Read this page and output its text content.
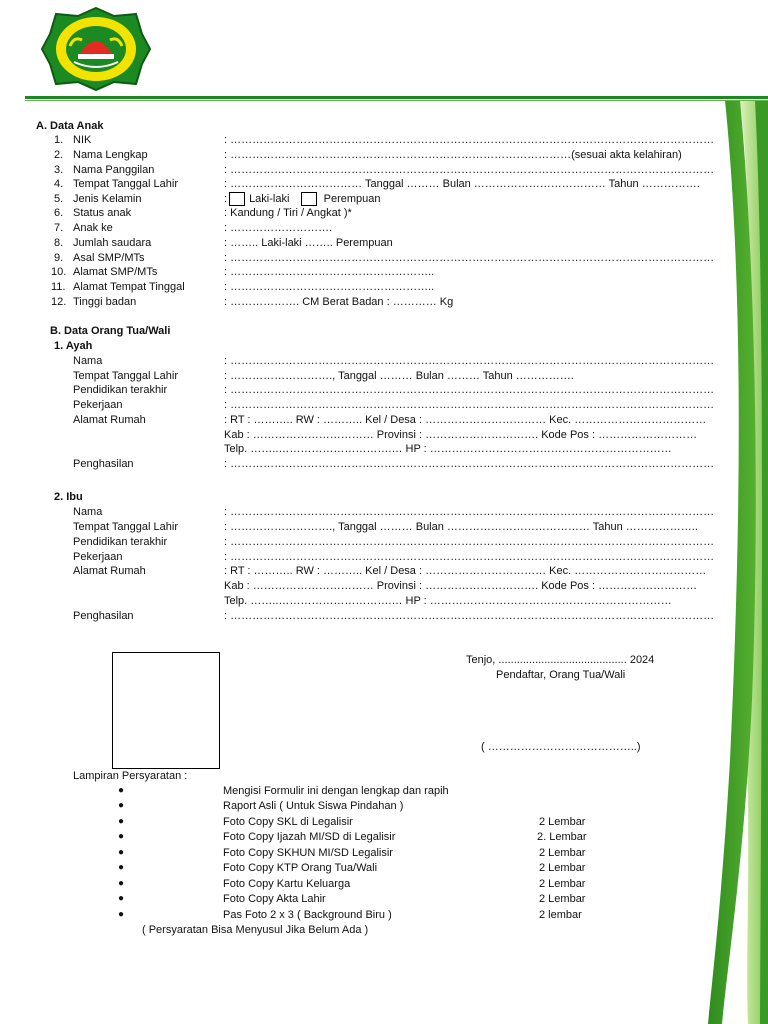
A. Data Anak
1. NIK	: ……………………………………………………………………………………………………………………
2. Nama Lengkap	: …………………………………………………………………………………(sesuai akta kelahiran)
3. Nama Panggilan	: ……………………………………………………………………………………………………………………
4. Tempat Tanggal Lahir	: ……………………………… Tanggal ……… Bulan ……………………………… Tahun …………….
5. Jenis Kelamin	: Laki-laki	Perempuan
6. Status anak	: Kandung / Tiri / Angkat )*
7. Anak ke	: ……………………….
8. Jumlah saudara	: …….. Laki-laki …….. Perempuan
9. Asal SMP/MTs	: ……………………………………………………………………………………………………………………
10. Alamat SMP/MTs	: ………………………………………………..
11. Alamat Tempat Tinggal	: ………………………………………………..
12. Tinggi badan	: ………………. CM Berat Badan : ………… Kg
B. Data Orang Tua/Wali
1. Ayah
Nama	: ……………………………………………………………………………………………………………………
Tempat Tanggal Lahir	: ………………………., Tanggal ……… Bulan ……… Tahun …………….
Pendidikan terakhir	: ……………………………………………………………………………………………………………………
Pekerjaan	: ……………………………………………………………………………………………………………………
Alamat Rumah	: RT : ……….. RW : ……….. Kel / Desa : …………………………… Kec. ………………………………
Kab : …………………………… Provinsi : …………………………. Kode Pos : ………………………
Telp. ……..………………………….… HP : …………………………………………………………
Penghasilan	: ……………………………………………………………………………………………………………………
2. Ibu
Nama	: ……………………………………………………………………………………………………………………
Tempat Tanggal Lahir	: ………………………., Tanggal ……… Bulan ………………………………… Tahun ………………..
Pendidikan terakhir	: ……………………………………………………………………………………………………………………
Pekerjaan	: ……………………………………………………………………………………………………………………
Alamat Rumah	: RT : ……….. RW : ……….. Kel / Desa : …………………………… Kec. ………………………………
Kab : …………………………… Provinsi : …………………………. Kode Pos : ………………………
Telp. ……..………………………….… HP : …………………………………………………………
Penghasilan	: ……………………………………………………………………………………………………………………
Tenjo, .......................................... 2024
Pendaftar, Orang Tua/Wali
( …………………………………..)
Lampiran Persyaratan :
●	Mengisi Formulir ini dengan lengkap dan rapih
●	Raport Asli ( Untuk Siswa Pindahan )
●	Foto Copy SKL di Legalisir	2 Lembar
●	Foto Copy Ijazah MI/SD di Legalisir	2. Lembar
●	Foto Copy SKHUN MI/SD Legalisir	2 Lembar
●	Foto Copy KTP Orang Tua/Wali	2 Lembar
●	Foto Copy Kartu Keluarga	2 Lembar
●	Foto Copy Akta Lahir	2 Lembar
●	Pas Foto 2 x 3 ( Background Biru )	2 lembar
( Persyaratan Bisa Menyusul Jika Belum Ada )
